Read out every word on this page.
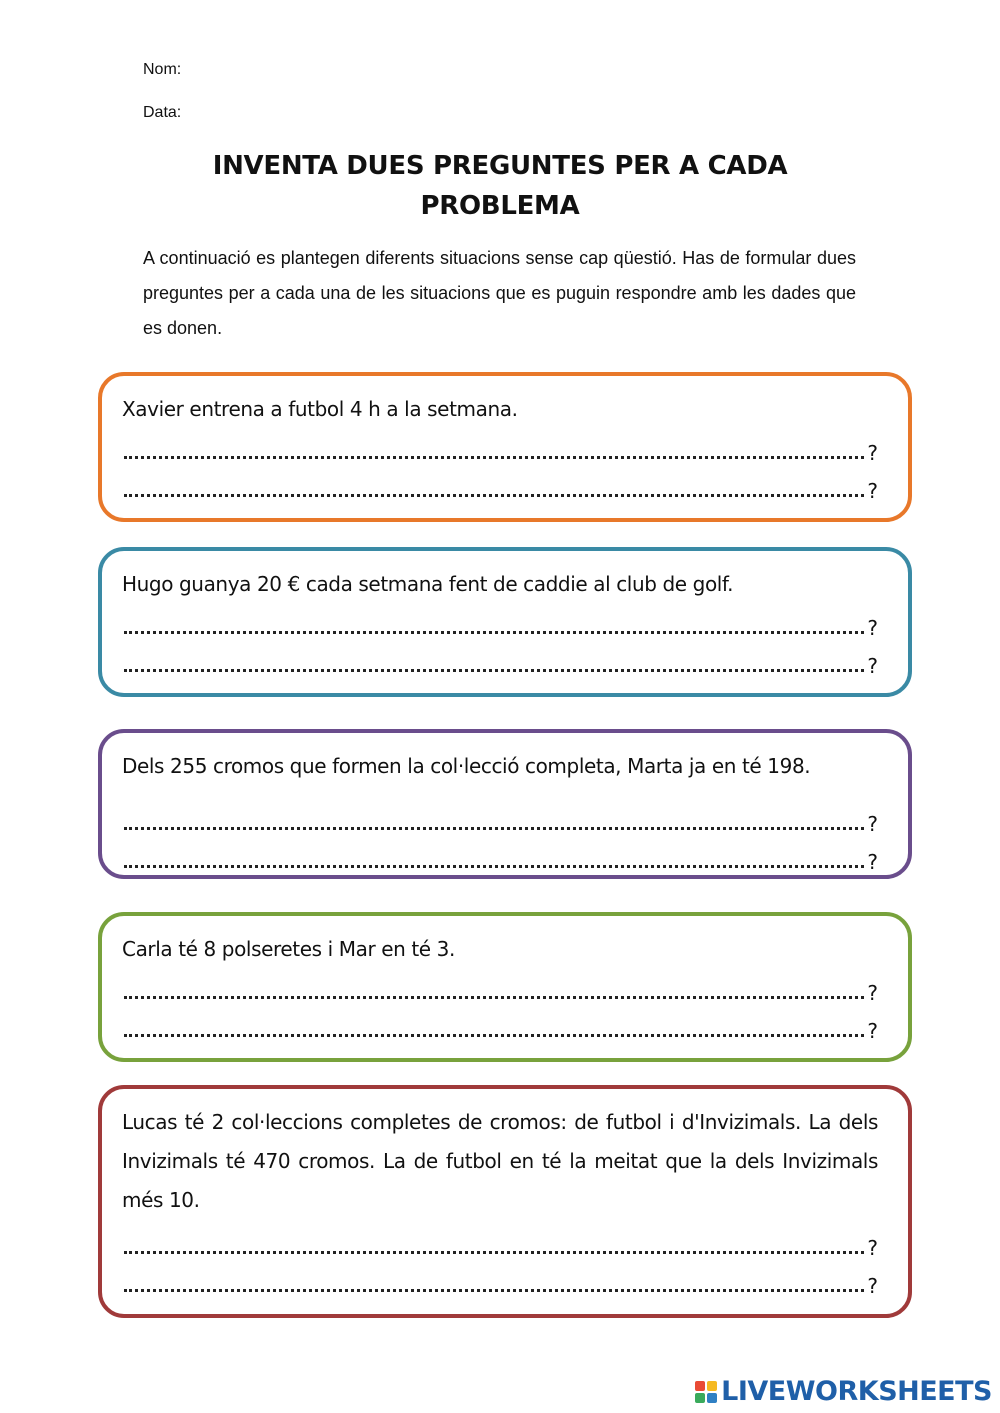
Nom:
Data:
INVENTA DUES PREGUNTES PER A CADA
PROBLEMA
A continuació es plantegen diferents situacions sense cap qüestió. Has de formular dues preguntes per a cada una de les situacions que es puguin respondre amb les dades que es donen.
Xavier entrena a futbol 4 h a la setmana.
?
?
Hugo guanya 20 € cada setmana fent de caddie al club de golf.
?
?
Dels 255 cromos que formen la col·lecció completa, Marta ja en té 198.
?
?
Carla té 8 polseretes i Mar en té 3.
?
?
Lucas té 2 col·leccions completes de cromos: de futbol i d'Invizimals. La dels Invizimals té 470 cromos. La de futbol en té la meitat que la dels Invizimals més 10.
?
?
LIVEWORKSHEETS
